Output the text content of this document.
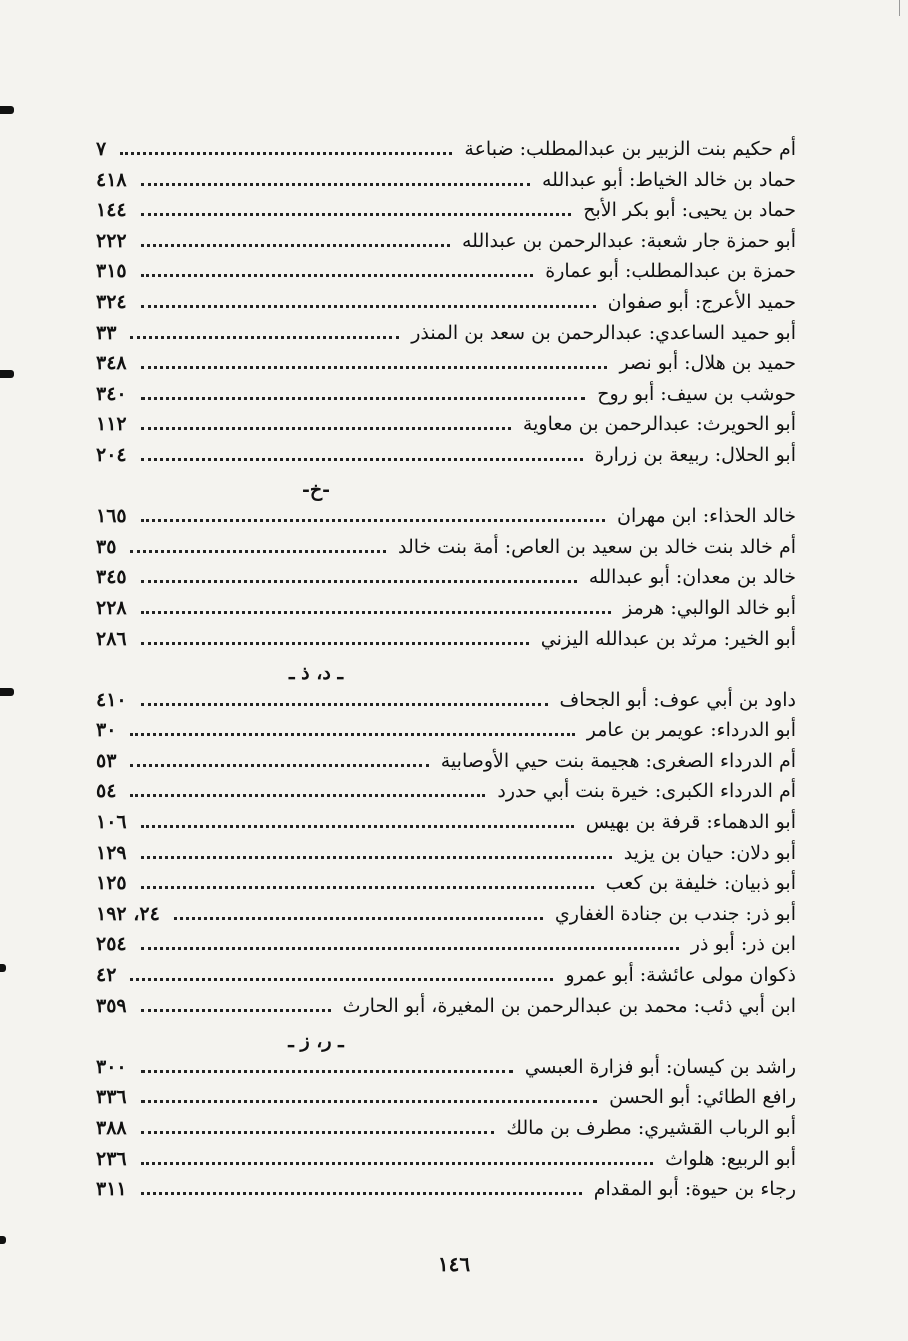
أم حكيم بنت الزبير بن عبدالمطلب: ضباعة
٧
حماد بن خالد الخياط: أبو عبدالله
٤١٨
حماد بن يحيى: أبو بكر الأبح
١٤٤
أبو حمزة جار شعبة: عبدالرحمن بن عبدالله
٢٢٢
حمزة بن عبدالمطلب: أبو عمارة
٣١٥
حميد الأعرج: أبو صفوان
٣٢٤
أبو حميد الساعدي: عبدالرحمن بن سعد بن المنذر
٣٣
حميد بن هلال: أبو نصر
٣٤٨
حوشب بن سيف: أبو روح
٣٤٠
أبو الحويرث: عبدالرحمن بن معاوية
١١٢
أبو الحلال: ربيعة بن زرارة
٢٠٤
-خ-
خالد الحذاء: ابن مهران
١٦٥
أم خالد بنت خالد بن سعيد بن العاص: أمة بنت خالد
٣٥
خالد بن معدان: أبو عبدالله
٣٤٥
أبو خالد الوالبي: هرمز
٢٢٨
أبو الخير: مرثد بن عبدالله اليزني
٢٨٦
ـ د، ذ ـ
داود بن أبي عوف: أبو الجحاف
٤١٠
أبو الدرداء: عويمر بن عامر
٣٠
أم الدرداء الصغرى: هجيمة بنت حيي الأوصابية
٥٣
أم الدرداء الكبرى: خيرة بنت أبي حدرد
٥٤
أبو الدهماء: قرفة بن بهيس
١٠٦
أبو دلان: حيان بن يزيد
١٢٩
أبو ذبيان: خليفة بن كعب
١٢٥
أبو ذر: جندب بن جنادة الغفاري
٢٤، ١٩٢
ابن ذر: أبو ذر
٢٥٤
ذكوان مولى عائشة: أبو عمرو
٤٢
ابن أبي ذئب: محمد بن عبدالرحمن بن المغيرة، أبو الحارث
٣٥٩
ـ ر، ز ـ
راشد بن كيسان: أبو فزارة العبسي
٣٠٠
رافع الطائي: أبو الحسن
٣٣٦
أبو الرباب القشيري: مطرف بن مالك
٣٨٨
أبو الربيع: هلواث
٢٣٦
رجاء بن حيوة: أبو المقدام
٣١١
١٤٦
